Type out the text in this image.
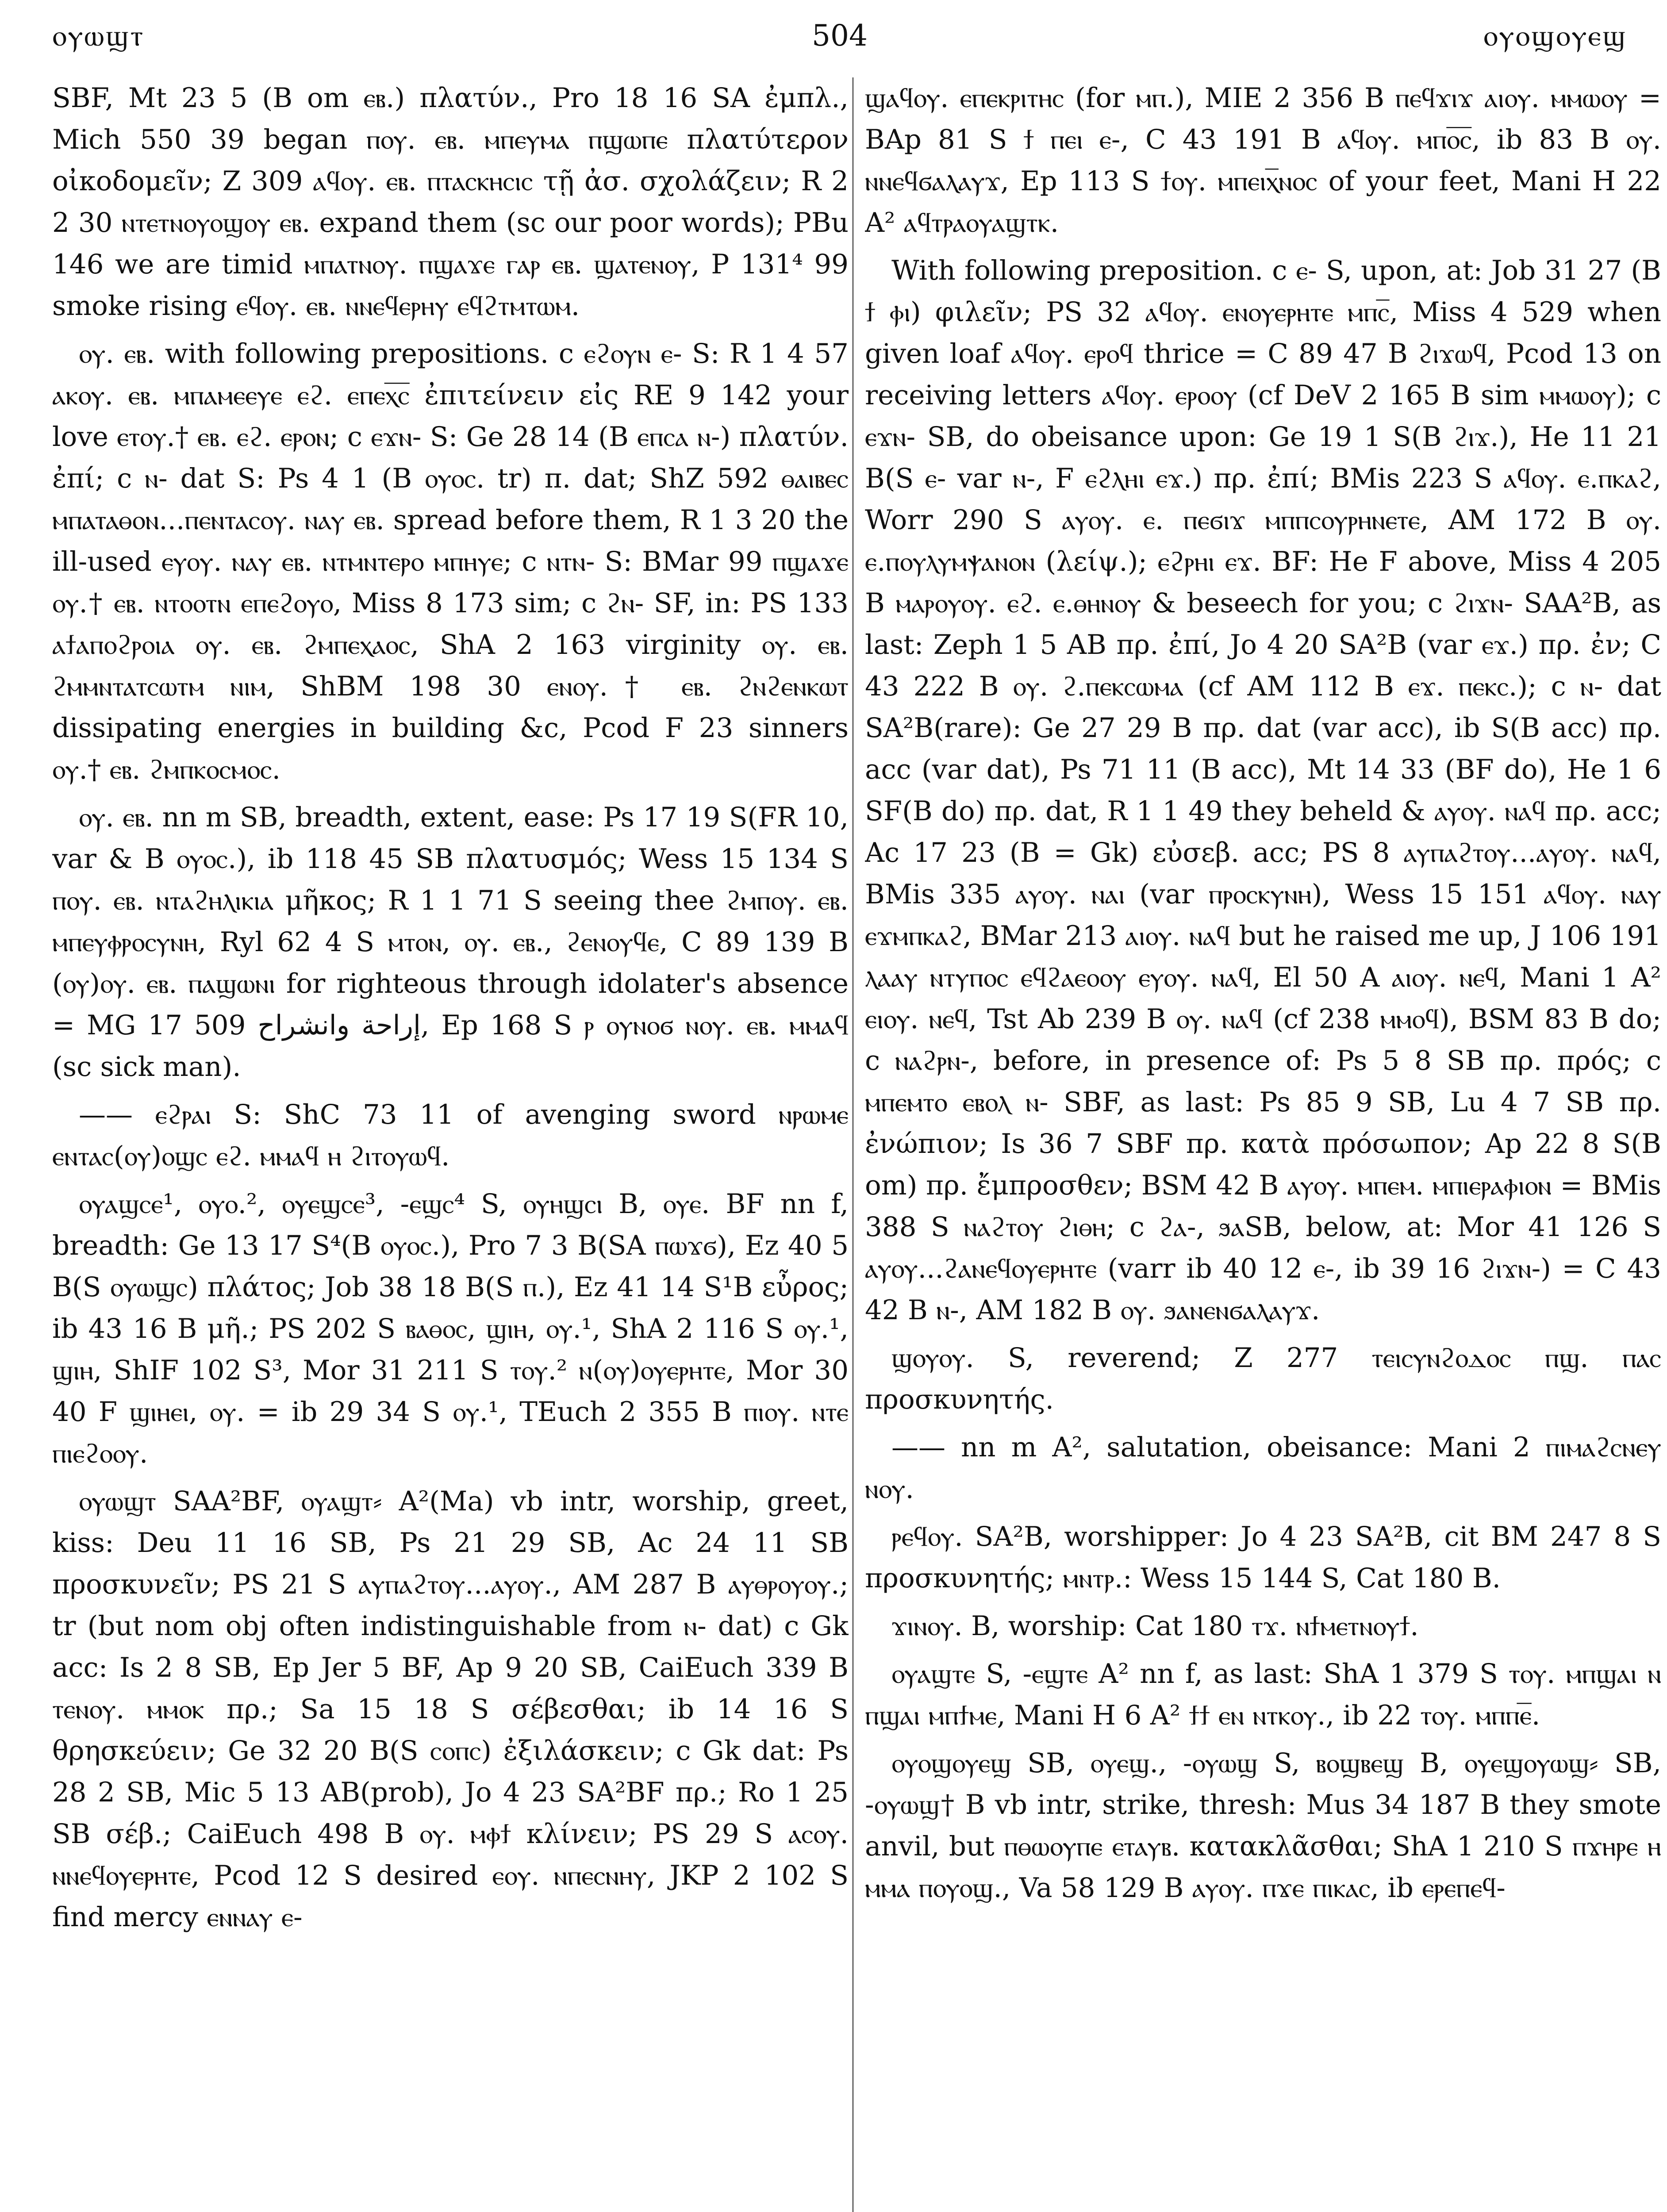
ⲟⲩⲱϣⲧ	504	ⲟⲩⲟϣⲟⲩⲉϣ

SBF, Mt 23 5 (B om ⲉⲃ.) πλατύν., Pro 18 16 SA ἐμπλ., Mich 550 39 began ⲡⲟⲩ. ⲉⲃ. ⲙⲡⲉⲩⲙⲁ ⲡϣⲱⲡⲉ πλατύτερον οἰκοδομεῖν; Z 309 ⲁϥⲟⲩ. ⲉⲃ. ⲡⲧⲁⲥⲕⲏⲥⲓⲥ τῇ ἀσ. σχολάζειν; R 2 2 30 ⲛⲧⲉⲧⲛⲟⲩⲟϣⲟⲩ ⲉⲃ. expand them (sc our poor words); PBu 146 we are timid ⲙⲡⲁⲧⲛⲟⲩ. ⲡϣⲁϫⲉ ⲅⲁⲣ ⲉⲃ. ϣⲁⲧⲉⲛⲟⲩ, P 131⁴ 99 smoke rising ⲉϥⲟⲩ. ⲉⲃ. ⲛⲛⲉϥⲉⲣⲏⲩ ⲉϥϩⲧⲙⲧⲱⲙ.

ⲟⲩ. ⲉⲃ. with following prepositions. c ⲉϩⲟⲩⲛ ⲉ- S: R 1 4 57 ⲁⲕⲟⲩ. ⲉⲃ. ⲙⲡⲁⲙⲉⲉⲩⲉ ⲉϩ. ⲉⲡⲉⲭ̅ⲥ̅ ἐπιτείνειν εἰς RE 9 142 your love ⲉⲧⲟⲩ.† ⲉⲃ. ⲉϩ. ⲉⲣⲟⲛ; c ⲉϫⲛ- S: Ge 28 14 (B ⲉⲡⲥⲁ ⲛ-) πλατύν. ἐπί; c ⲛ- dat S: Ps 4 1 (B ⲟⲩⲟⲥ. tr) π. dat; ShZ 592 ⲑⲁⲓⲃⲉⲥ ⲙⲡⲁⲧⲁⲑⲟⲛ...ⲡⲉⲛⲧⲁⲥⲟⲩ. ⲛⲁⲩ ⲉⲃ. spread before them, R 1 3 20 the ill-used ⲉⲩⲟⲩ. ⲛⲁⲩ ⲉⲃ. ⲛⲧⲙⲛⲧⲉⲣⲟ ⲙⲡⲏⲩⲉ; c ⲛⲧⲛ- S: BMar 99 ⲡϣⲁϫⲉ ⲟⲩ.† ⲉⲃ. ⲛⲧⲟⲟⲧⲛ ⲉⲡⲉϩⲟⲩⲟ, Miss 8 173 sim; c ϩⲛ- SF, in: PS 133 ⲁϯⲁⲡⲟϩⲣⲟⲓⲁ ⲟⲩ. ⲉⲃ. ϩⲙⲡⲉⲭⲁⲟⲥ, ShA 2 163 virginity ⲟⲩ. ⲉⲃ. ϩⲙⲙⲛⲧⲁⲧⲥⲱⲧⲙ ⲛⲓⲙ, ShBM 198 30 ⲉⲛⲟⲩ.† ⲉⲃ. ϩⲛϩⲉⲛⲕⲱⲧ dissipating energies in building &c, Pcod F 23 sinners ⲟⲩ.† ⲉⲃ. ϩⲙⲡⲕⲟⲥⲙⲟⲥ.

ⲟⲩ. ⲉⲃ. nn m SB, breadth, extent, ease: Ps 17 19 S(FR 10, var & B ⲟⲩⲟⲥ.), ib 118 45 SB πλατυσμός; Wess 15 134 S ⲡⲟⲩ. ⲉⲃ. ⲛⲧⲁϩⲏⲗⲓⲕⲓⲁ μῆκος; R 1 1 71 S seeing thee ϩⲙⲡⲟⲩ. ⲉⲃ. ⲙⲡⲉⲩⲫⲣⲟⲥⲩⲛⲏ, Ryl 62 4 S ⲙⲧⲟⲛ, ⲟⲩ. ⲉⲃ., ϩⲉⲛⲟⲩϥⲉ, C 89 139 B (ⲟⲩ)ⲟⲩ. ⲉⲃ. ⲡⲁϣⲱⲛⲓ for righteous through idolater's absence = MG 17 509 إراحة وانشراح, Ep 168 S ⲣ ⲟⲩⲛⲟϭ ⲛⲟⲩ. ⲉⲃ. ⲙⲙⲁϥ (sc sick man).

—— ⲉϩⲣⲁⲓ S: ShC 73 11 of avenging sword ⲛⲣⲱⲙⲉ ⲉⲛⲧⲁⲥ(ⲟⲩ)ⲟϣⲥ ⲉϩ. ⲙⲙⲁϥ ⲏ ϩⲓⲧⲟⲩⲱϥ.

ⲟⲩⲁϣⲥⲉ¹, ⲟⲩⲟ.², ⲟⲩⲉϣⲥⲉ³, -ⲉϣⲥ⁴ S, ⲟⲩⲏϣⲥⲓ B, ⲟⲩⲉ. BF nn f, breadth: Ge 13 17 S⁴(B ⲟⲩⲟⲥ.), Pro 7 3 B(SA ⲡⲱϫϭ), Ez 40 5 B(S ⲟⲩⲱϣⲥ) πλάτος; Job 38 18 B(S ⲡ.), Ez 41 14 S¹B εὖρος; ib 43 16 B μῆ.; PS 202 S ⲃⲁⲑⲟⲥ, ϣⲓⲏ, ⲟⲩ.¹, ShA 2 116 S ⲟⲩ.¹, ϣⲓⲏ, ShIF 102 S³, Mor 31 211 S ⲧⲟⲩ.² ⲛ(ⲟⲩ)ⲟⲩⲉⲣⲏⲧⲉ, Mor 30 40 F ϣⲓⲏⲉⲓ, ⲟⲩ. = ib 29 34 S ⲟⲩ.¹, TEuch 2 355 B ⲡⲓⲟⲩ. ⲛⲧⲉ ⲡⲓⲉϩⲟⲟⲩ.

ⲟⲩⲱϣⲧ SAA²BF, ⲟⲩⲁϣⲧ⸗ A²(Ma) vb intr, worship, greet, kiss: Deu 11 16 SB, Ps 21 29 SB, Ac 24 11 SB προσκυνεῖν; PS 21 S ⲁⲩⲡⲁϩⲧⲟⲩ...ⲁⲩⲟⲩ., AM 287 B ⲁⲩⲑⲣⲟⲩⲟⲩ.; tr (but nom obj often indistinguishable from ⲛ- dat) c Gk acc: Is 2 8 SB, Ep Jer 5 BF, Ap 9 20 SB, CaiEuch 339 B ⲧⲉⲛⲟⲩ. ⲙⲙⲟⲕ πρ.; Sa 15 18 S σέβεσθαι; ib 14 16 S θρησκεύειν; Ge 32 20 B(S ⲥⲟⲡⲥ) ἐξιλάσκειν; c Gk dat: Ps 28 2 SB, Mic 5 13 AB(prob), Jo 4 23 SA²BF πρ.; Ro 1 25 SB σέβ.; CaiEuch 498 B ⲟⲩ. ⲙⲫϯ κλίνειν; PS 29 S ⲁⲥⲟⲩ. ⲛⲛⲉϥⲟⲩⲉⲣⲏⲧⲉ, Pcod 12 S desired ⲉⲟⲩ. ⲛⲡⲉⲥⲛⲏⲩ, JKP 2 102 S find mercy ⲉⲛⲛⲁⲩ ⲉ-

ϣⲁϥⲟⲩ. ⲉⲡⲉⲕⲣⲓⲧⲏⲥ (for ⲙⲡ.), MIE 2 356 B ⲡⲉϥϫⲓϫ ⲁⲓⲟⲩ. ⲙⲙⲱⲟⲩ = BAp 81 S ϯ ⲡⲉⲓ ⲉ-, C 43 191 B ⲁϥⲟⲩ. ⲙⲡⲟ̅ⲥ̅, ib 83 B ⲟⲩ. ⲛⲛⲉϥϭⲁⲗⲁⲩϫ, Ep 113 S ϯⲟⲩ. ⲙⲡⲉⲓⲭ̅ⲛⲟⲥ of your feet, Mani H 22 A² ⲁϥⲧⲣⲁⲟⲩⲁϣⲧⲕ.

With following preposition. c ⲉ- S, upon, at: Job 31 27 (B ϯ ⲫⲓ) φιλεῖν; PS 32 ⲁϥⲟⲩ. ⲉⲛⲟⲩⲉⲣⲏⲧⲉ ⲙⲡⲥ̅, Miss 4 529 when given loaf ⲁϥⲟⲩ. ⲉⲣⲟϥ thrice = C 89 47 B ϩⲓϫⲱϥ, Pcod 13 on receiving letters ⲁϥⲟⲩ. ⲉⲣⲟⲟⲩ (cf DeV 2 165 B sim ⲙⲙⲱⲟⲩ); c ⲉϫⲛ- SB, do obeisance upon: Ge 19 1 S(B ϩⲓϫ.), He 11 21 B(S ⲉ- var ⲛ-, F ⲉϩⲗⲏⲓ ⲉϫ.) πρ. ἐπί; BMis 223 S ⲁϥⲟⲩ. ⲉ.ⲡⲕⲁϩ, Worr 290 S ⲁⲩⲟⲩ. ⲉ. ⲡⲉϭⲓϫ ⲙⲡⲡⲥⲟⲩⲣⲏⲛⲉⲧⲉ, AM 172 B ⲟⲩ. ⲉ.ⲡⲟⲩⲗⲩⲙⲯⲁⲛⲟⲛ (λείψ.); ⲉϩⲣⲏⲓ ⲉϫ. BF: He F above, Miss 4 205 B ⲙⲁⲣⲟⲩⲟⲩ. ⲉϩ. ⲉ.ⲑⲏⲛⲟⲩ & beseech for you; c ϩⲓϫⲛ- SAA²B, as last: Zeph 1 5 AB πρ. ἐπί, Jo 4 20 SA²B (var ⲉϫ.) πρ. ἐν; C 43 222 B ⲟⲩ. ϩ.ⲡⲉⲕⲥⲱⲙⲁ (cf AM 112 B ⲉϫ. ⲡⲉⲕⲥ.); c ⲛ- dat SA²B(rare): Ge 27 29 B πρ. dat (var acc), ib S(B acc) πρ. acc (var dat), Ps 71 11 (B acc), Mt 14 33 (BF do), He 1 6 SF(B do) πρ. dat, R 1 1 49 they beheld & ⲁⲩⲟⲩ. ⲛⲁϥ πρ. acc; Ac 17 23 (B = Gk) εὐσεβ. acc; PS 8 ⲁⲩⲡⲁϩⲧⲟⲩ...ⲁⲩⲟⲩ. ⲛⲁϥ, BMis 335 ⲁⲩⲟⲩ. ⲛⲁⲓ (var ⲡⲣⲟⲥⲕⲩⲛⲏ), Wess 15 151 ⲁϥⲟⲩ. ⲛⲁⲩ ⲉϫⲙⲡⲕⲁϩ, BMar 213 ⲁⲓⲟⲩ. ⲛⲁϥ but he raised me up, J 106 191 ⲗⲁⲁⲩ ⲛⲧⲩⲡⲟⲥ ⲉϥϩⲁⲉⲟⲟⲩ ⲉⲩⲟⲩ. ⲛⲁϥ, El 50 A ⲁⲓⲟⲩ. ⲛⲉϥ, Mani 1 A² ⲉⲓⲟⲩ. ⲛⲉϥ, Tst Ab 239 B ⲟⲩ. ⲛⲁϥ (cf 238 ⲙⲙⲟϥ), BSM 83 B do; c ⲛⲁϩⲣⲛ-, before, in presence of: Ps 5 8 SB πρ. πρός; c ⲙⲡⲉⲙⲧⲟ ⲉⲃⲟⲗ ⲛ- SBF, as last: Ps 85 9 SB, Lu 4 7 SB πρ. ἐνώπιον; Is 36 7 SBF πρ. κατὰ πρόσωπον; Ap 22 8 S(B om) πρ. ἔμπροσθεν; BSM 42 B ⲁⲩⲟⲩ. ⲙⲡⲉⲙ. ⲙⲡⲓⲉⲣⲁⲫⲓⲟⲛ = BMis 388 S ⲛⲁϩⲧⲟⲩ ϩⲓⲑⲏ; c ϩⲁ-, ϧⲁSB, below, at: Mor 41 126 S ⲁⲩⲟⲩ...ϩⲁⲛⲉϥⲟⲩⲉⲣⲏⲧⲉ (varr ib 40 12 ⲉ-, ib 39 16 ϩⲓϫⲛ-) = C 43 42 B ⲛ-, AM 182 B ⲟⲩ. ϧⲁⲛⲉⲛϭⲁⲗⲁⲩϫ.

ϣⲟⲩⲟⲩ. S, reverend; Z 277 ⲧⲉⲓⲥⲩⲛϩⲟⲇⲟⲥ ⲡϣ. ⲡⲁⲥ προσκυνητής.

—— nn m A², salutation, obeisance: Mani 2 ⲡⲓⲙⲁϩⲥⲛⲉⲩ ⲛⲟⲩ.

ⲣⲉϥⲟⲩ. SA²B, worshipper: Jo 4 23 SA²B, cit BM 247 8 S προσκυνητής; ⲙⲛⲧⲣ.: Wess 15 144 S, Cat 180 B.

ϫⲓⲛⲟⲩ. B, worship: Cat 180 ⲧϫ. ⲛϯⲙⲉⲧⲛⲟⲩϯ.

ⲟⲩⲁϣⲧⲉ S, -ⲉϣⲧⲉ A² nn f, as last: ShA 1 379 S ⲧⲟⲩ. ⲙⲡϣⲁⲓ ⲛ ⲡϣⲁⲓ ⲙⲡϯⲙⲉ, Mani H 6 A² ϯϯ ⲉⲛ ⲛⲧⲕⲟⲩ., ib 22 ⲧⲟⲩ. ⲙⲡⲡⲉ̅.

ⲟⲩⲟϣⲟⲩⲉϣ SB, ⲟⲩⲉϣ., -ⲟⲩⲱϣ S, ⲃⲟϣⲃⲉϣ B, ⲟⲩⲉϣⲟⲩⲱϣ⸗ SB, -ⲟⲩⲱϣ† B vb intr, strike, thresh: Mus 34 187 B they smote anvil, but ⲡⲑⲱⲟⲩⲡⲉ ⲉⲧⲁⲩⲃ. κατακλᾶσθαι; ShA 1 210 S ⲡϫⲏⲣⲉ ⲏ ⲙⲙⲁ ⲡⲟⲩⲟϣ., Va 58 129 B ⲁⲩⲟⲩ. ⲡϫⲉ ⲡⲓⲕⲁⲥ, ib ⲉⲣⲉⲡⲉϥ-
